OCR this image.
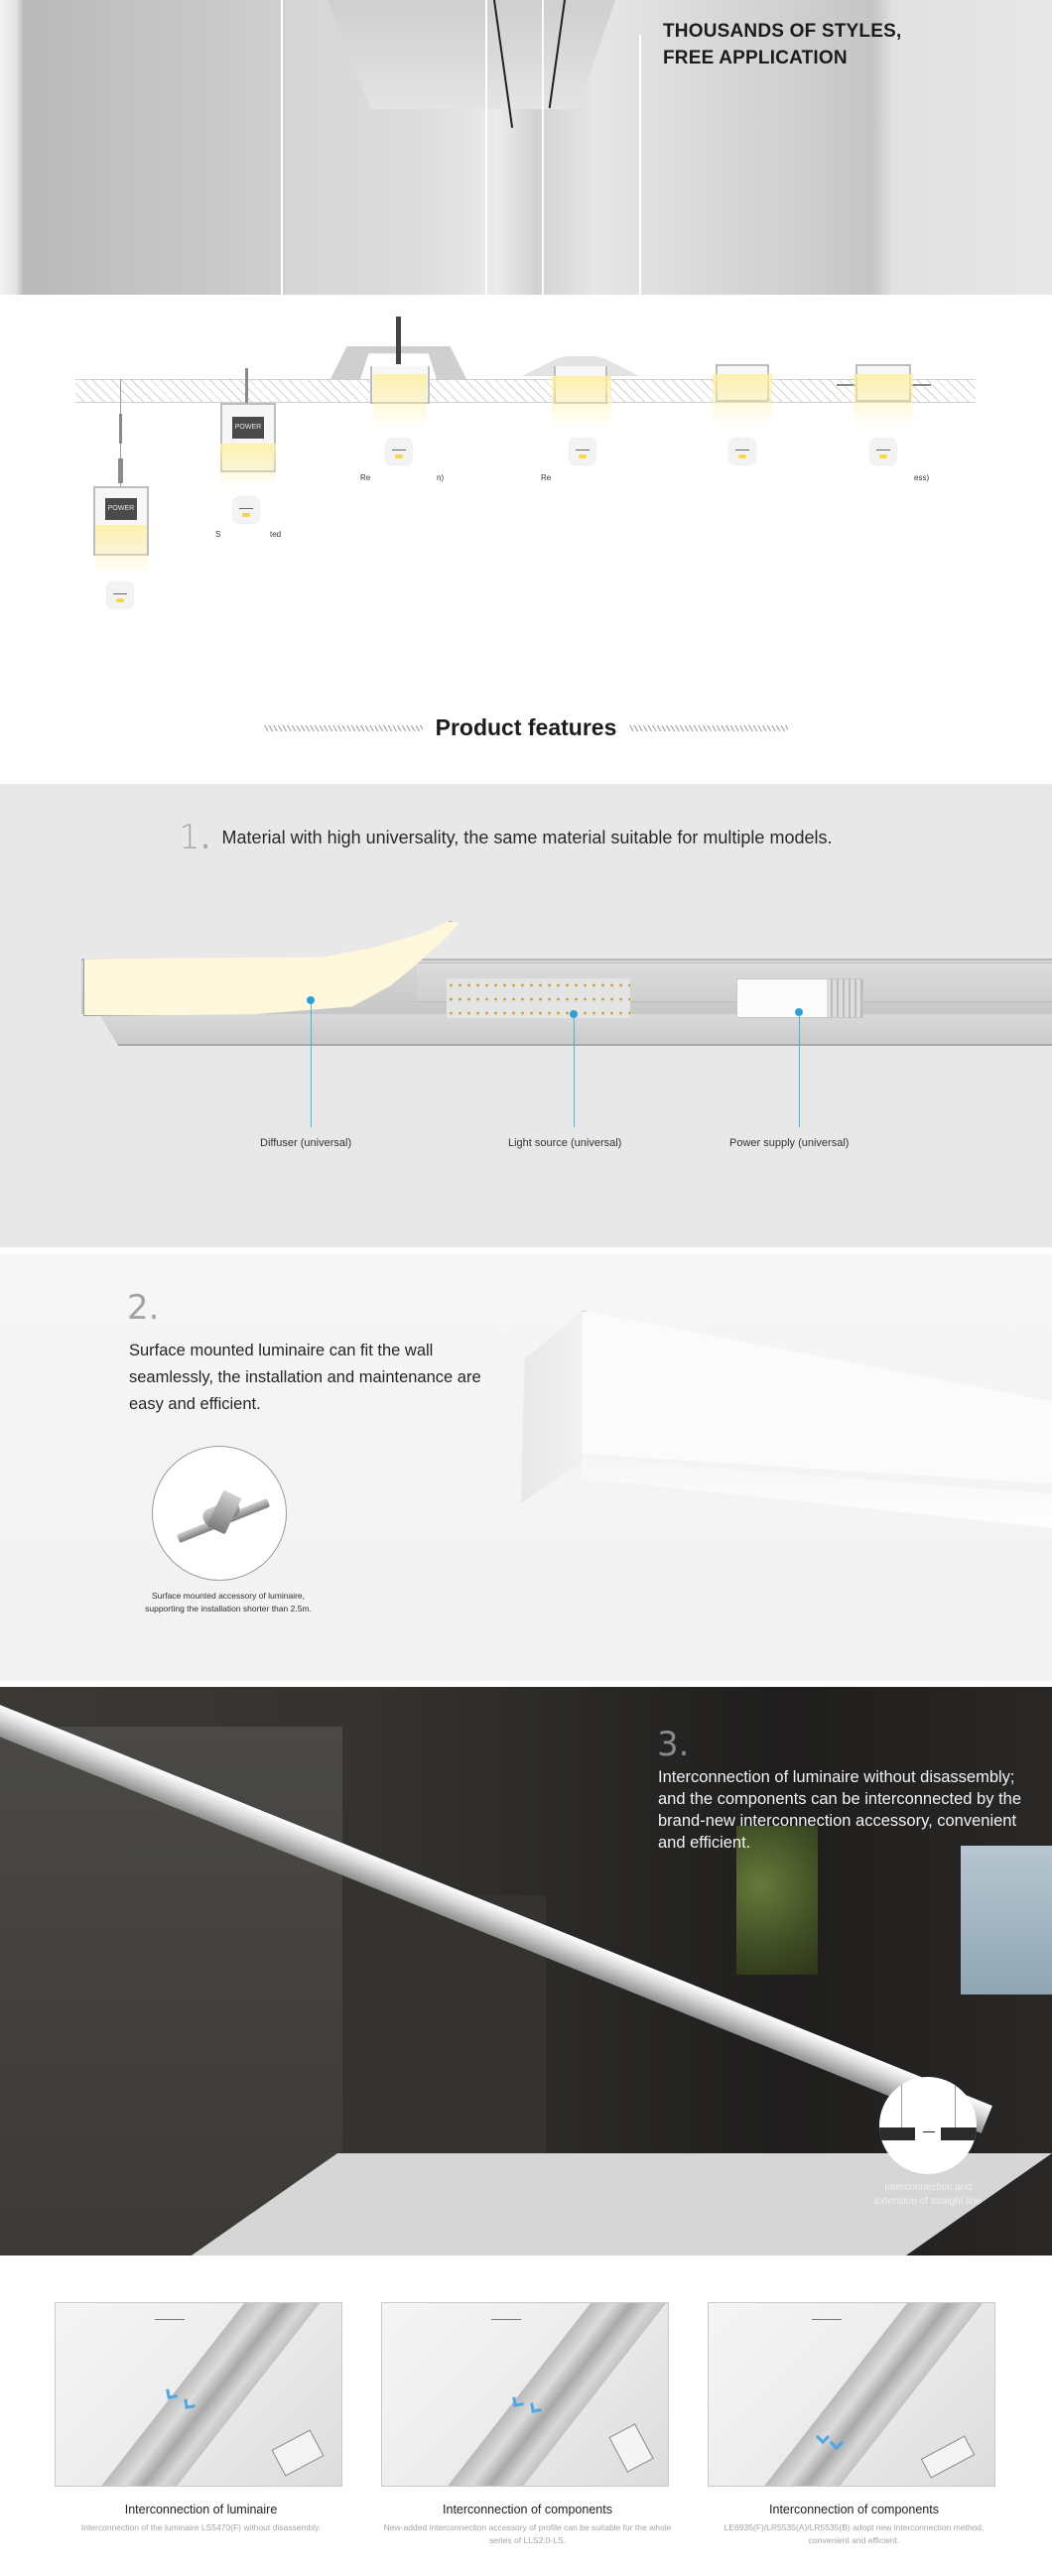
THOUSANDS OF STYLES,
FREE APPLICATION
POWER
POWER
S	ted
Re	n)	Re	ess)
Product features
1. Material with high universality, the same material suitable for multiple models.
Diffuser (universal)	Light source (universal)	Power supply (universal)
2.
Surface mounted luminaire can fit the wall seamlessly, the installation and maintenance are easy and efficient.
Surface mounted accessory of luminaire,
supporting the installation shorter than 2.5m.
3.
Interconnection of luminaire without disassembly; and the components can be interconnected by the brand-new interconnection accessory, convenient and efficient.
Interconnection and
extension of straight line
Interconnection of luminaire
Interconnection of the luminaire LS5470(F) without disassembly.
Interconnection of components
New-added interconnection accessory of profile can be suitable for the whole series of LLS2.0-LS.
Interconnection of components
LE6935(F)/LR5535(A)/LR5535(B) adopt new interconnection method, convenient and efficient.
